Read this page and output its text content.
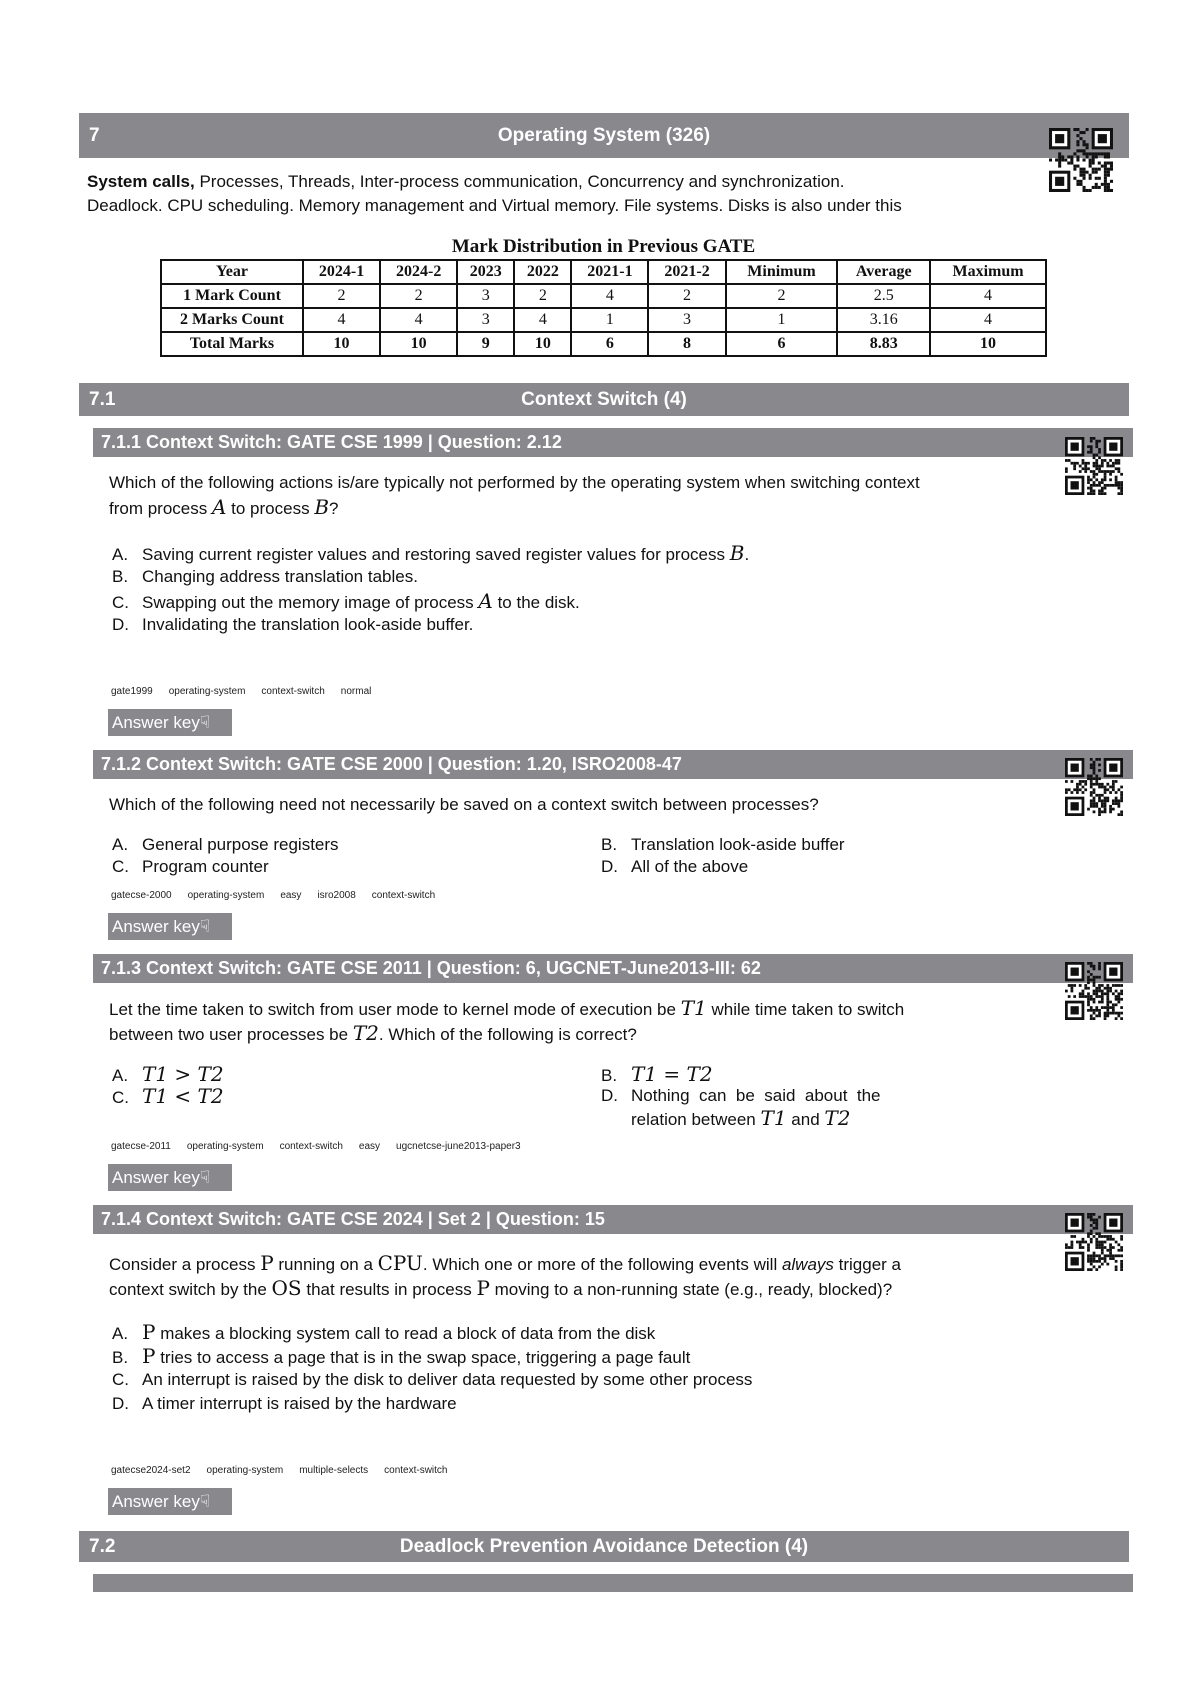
7	Operating System (326)
System calls, Processes, Threads, Inter-process communication, Concurrency and synchronization.
Deadlock. CPU scheduling. Memory management and Virtual memory. File systems. Disks is also under this
Mark Distribution in Previous GATE
Year	2024-1	2024-2	2023	2022	2021-1	2021-2	Minimum	Average	Maximum
1 Mark Count	2	2	3	2	4	2	2	2.5	4
2 Marks Count	4	4	3	4	1	3	1	3.16	4
Total Marks	10	10	9	10	6	8	6	8.83	10
7.1	Context Switch (4)
7.1.1 Context Switch: GATE CSE 1999 | Question: 2.12
Which of the following actions is/are typically not performed by the operating system when switching context
from process A to process B?
A. Saving current register values and restoring saved register values for process B.
B. Changing address translation tables.
C. Swapping out the memory image of process A to the disk.
D. Invalidating the translation look-aside buffer.
gate1999 operating-system context-switch normal
Answer key☟
7.1.2 Context Switch: GATE CSE 2000 | Question: 1.20, ISRO2008-47
Which of the following need not necessarily be saved on a context switch between processes?
A. General purpose registers	B. Translation look-aside buffer
C. Program counter	D. All of the above
gatecse-2000 operating-system easy isro2008 context-switch
Answer key☟
7.1.3 Context Switch: GATE CSE 2011 | Question: 6, UGCNET-June2013-III: 62
Let the time taken to switch from user mode to kernel mode of execution be T1 while time taken to switch
between two user processes be T2. Which of the following is correct?
A. T1 > T2	B. T1 = T2
C. T1 < T2	D. Nothing  can  be  said  about  the
relation between T1 and T2
gatecse-2011 operating-system context-switch easy ugcnetcse-june2013-paper3
Answer key☟
7.1.4 Context Switch: GATE CSE 2024 | Set 2 | Question: 15
Consider a process P running on a CPU. Which one or more of the following events will always trigger a
context switch by the OS that results in process P moving to a non-running state (e.g., ready, blocked)?
A. P makes a blocking system call to read a block of data from the disk
B. P tries to access a page that is in the swap space, triggering a page fault
C. An interrupt is raised by the disk to deliver data requested by some other process
D. A timer interrupt is raised by the hardware
gatecse2024-set2 operating-system multiple-selects context-switch
Answer key☟
7.2	Deadlock Prevention Avoidance Detection (4)
